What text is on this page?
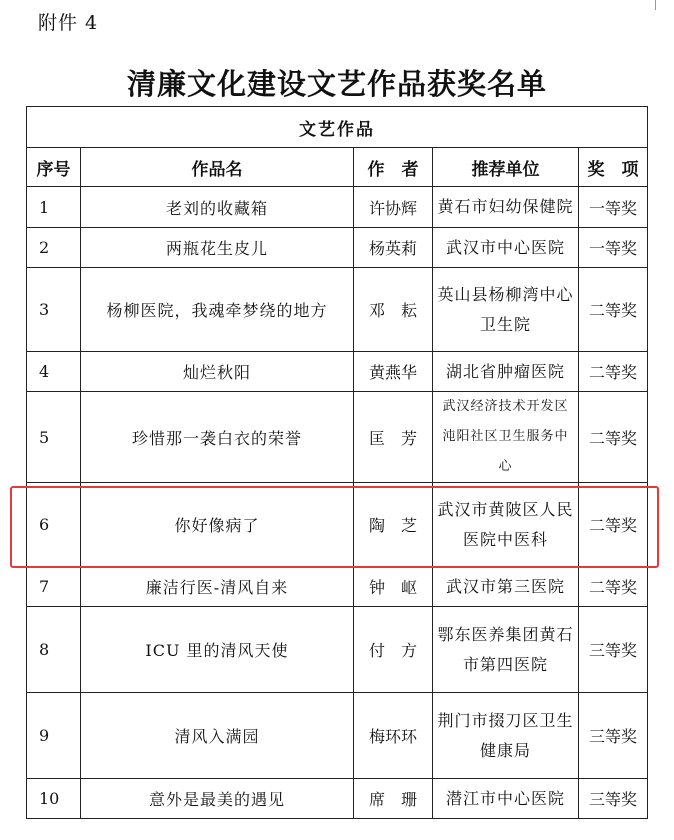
附件 4
清廉文化建设文艺作品获奖名单
文艺作品				
序号	作品名	作　者	推荐单位	奖　项
1	老刘的收藏箱	许协辉	黄石市妇幼保健院	一等奖
2	两瓶花生皮儿	杨英莉	武汉市中心医院	一等奖
3	杨柳医院，我魂牵梦绕的地方	邓　耘	英山县杨柳湾中心卫生院	二等奖
4	灿烂秋阳	黄燕华	湖北省肿瘤医院	二等奖
5	珍惜那一袭白衣的荣誉	匡　芳	武汉经济技术开发区沌阳社区卫生服务中心	二等奖
6	你好像病了	陶　芝	武汉市黄陂区人民医院中医科	二等奖
7	廉洁行医-清风自来	钟　岖	武汉市第三医院	二等奖
8	ICU 里的清风天使	付　方	鄂东医养集团黄石市第四医院	三等奖
9	清风入满园	梅环环	荆门市掇刀区卫生健康局	三等奖
10	意外是最美的遇见	席　珊	潜江市中心医院	三等奖
